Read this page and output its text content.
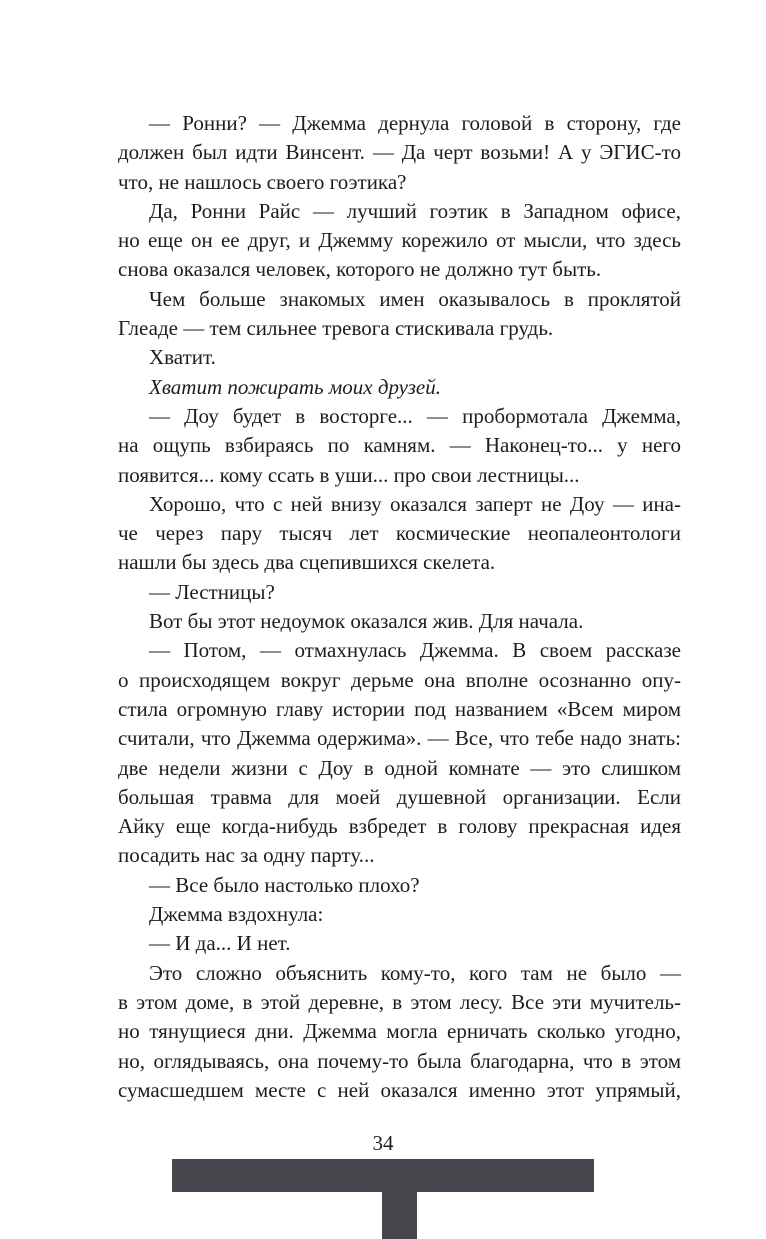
— Ронни? — Джемма дернула головой в сторону, где
должен был идти Винсент. — Да черт возьми! А у ЭГИС-то
что, не нашлось своего гоэтика?
Да, Ронни Райс — лучший гоэтик в Западном офисе,
но еще он ее друг, и Джемму корежило от мысли, что здесь
снова оказался человек, которого не должно тут быть.
Чем больше знакомых имен оказывалось в проклятой
Глеаде — тем сильнее тревога стискивала грудь.
Хватит.
Хватит пожирать моих друзей.
— Доу будет в восторге... — пробормотала Джемма,
на ощупь взбираясь по камням. — Наконец-то... у него
появится... кому ссать в уши... про свои лестницы...
Хорошо, что с ней внизу оказался заперт не Доу — ина-
че через пару тысяч лет космические неопалеонтологи
нашли бы здесь два сцепившихся скелета.
— Лестницы?
Вот бы этот недоумок оказался жив. Для начала.
— Потом, — отмахнулась Джемма. В своем рассказе
о происходящем вокруг дерьме она вполне осознанно опу-
стила огромную главу истории под названием «Всем миром
считали, что Джемма одержима». — Все, что тебе надо знать:
две недели жизни с Доу в одной комнате — это слишком
большая травма для моей душевной организации. Если
Айку еще когда-нибудь взбредет в голову прекрасная идея
посадить нас за одну парту...
— Все было настолько плохо?
Джемма вздохнула:
— И да... И нет.
Это сложно объяснить кому-то, кого там не было —
в этом доме, в этой деревне, в этом лесу. Все эти мучитель-
но тянущиеся дни. Джемма могла ерничать сколько угодно,
но, оглядываясь, она почему-то была благодарна, что в этом
сумасшедшем месте с ней оказался именно этот упрямый,
34
